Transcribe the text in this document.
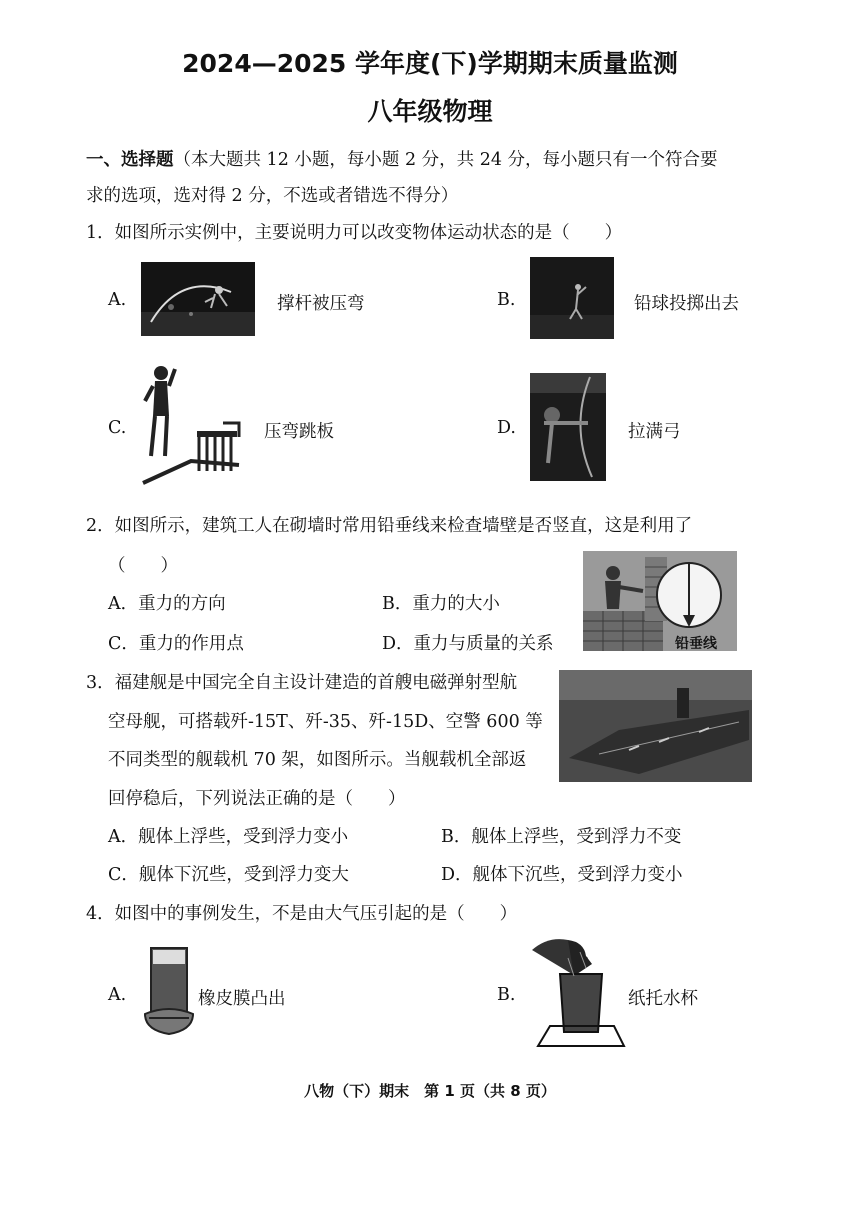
2024—2025 学年度(下)学期期末质量监测
八年级物理
一、选择题（本大题共 12 小题，每小题 2 分，共 24 分，每小题只有一个符合要
求的选项，选对得 2 分，不选或者错选不得分）
1．如图所示实例中，主要说明力可以改变物体运动状态的是（　　）
A.	撑杆被压弯	B.	铅球投掷出去
C.	压弯跳板	D.	拉满弓
2．如图所示，建筑工人在砌墙时常用铅垂线来检查墙壁是否竖直，这是利用了
（　　）
A．重力的方向	B．重力的大小
C．重力的作用点	D．重力与质量的关系	铅垂线
3．福建舰是中国完全自主设计建造的首艘电磁弹射型航
空母舰，可搭载歼-15T、歼-35、歼-15D、空警 600 等
不同类型的舰载机 70 架，如图所示。当舰载机全部返
回停稳后，下列说法正确的是（　　）
A．舰体上浮些，受到浮力变小	B．舰体上浮些，受到浮力不变
C．舰体下沉些，受到浮力变大	D．舰体下沉些，受到浮力变小
4．如图中的事例发生，不是由大气压引起的是（　　）
A.	橡皮膜凸出	B.	纸托水杯
八物（下）期末　第 1 页（共 8 页）
